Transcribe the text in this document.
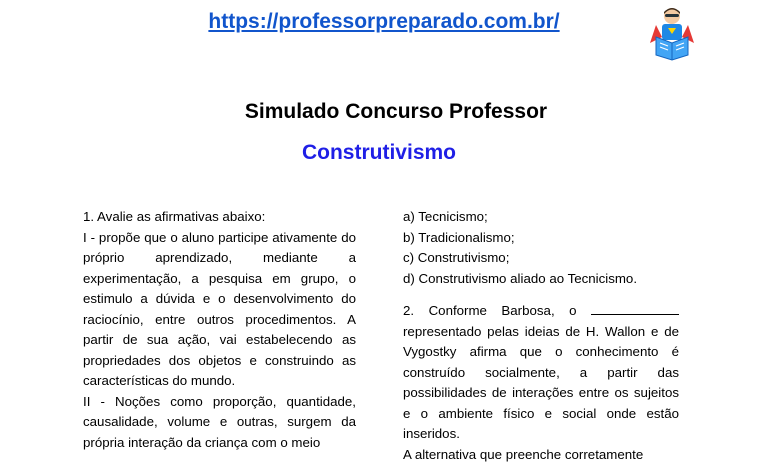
https://professorpreparado.com.br/
Simulado Concurso Professor
Construtivismo

1. Avalie as afirmativas abaixo:

I - propõe que o aluno participe ativamente do próprio aprendizado, mediante a experimentação, a pesquisa em grupo, o estimulo a dúvida e o desenvolvimento do raciocínio, entre outros procedimentos. A partir de sua ação, vai estabelecendo as propriedades dos objetos e construindo as características do mundo.

II - Noções como proporção, quantidade, causalidade, volume e outras, surgem da própria interação da criança com o meio

a) Tecnicismo;

b) Tradicionalismo;

c) Construtivismo;

d) Construtivismo aliado ao Tecnicismo.

2. Conforme Barbosa, o  representado pelas ideias de H. Wallon e de Vygostky afirma que o conhecimento é construído socialmente, a partir das possibilidades de interações entre os sujeitos e o ambiente físico e social onde estão inseridos.

A alternativa que preenche corretamente
